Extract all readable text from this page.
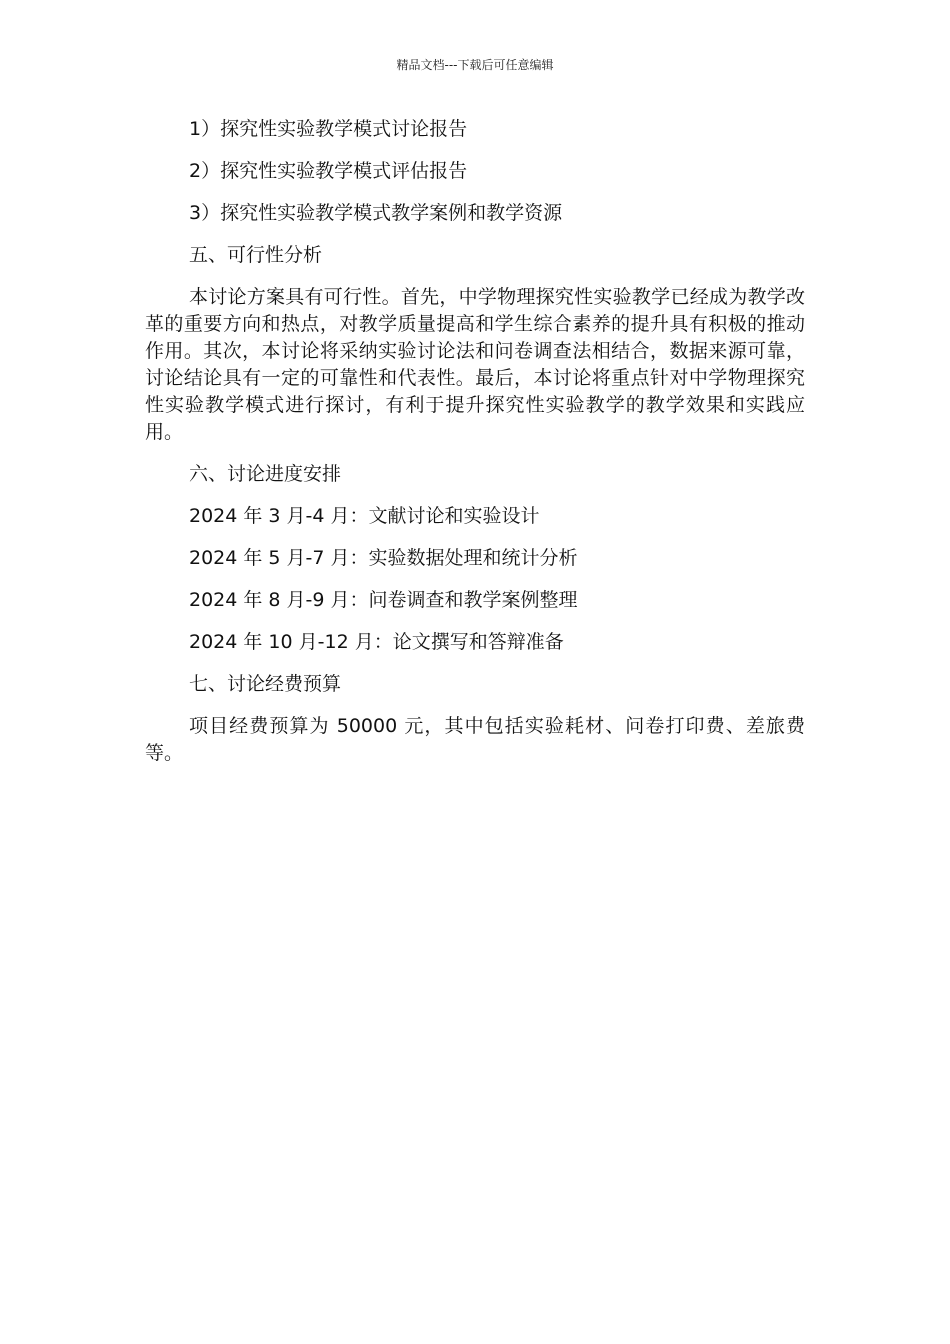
精品文档---下载后可任意编辑

1）探究性实验教学模式讨论报告

2）探究性实验教学模式评估报告

3）探究性实验教学模式教学案例和教学资源

五、可行性分析

本讨论方案具有可行性。首先，中学物理探究性实验教学已经成为教学改革的重要方向和热点，对教学质量提高和学生综合素养的提升具有积极的推动作用。其次，本讨论将采纳实验讨论法和问卷调查法相结合，数据来源可靠，讨论结论具有一定的可靠性和代表性。最后，本讨论将重点针对中学物理探究性实验教学模式进行探讨，有利于提升探究性实验教学的教学效果和实践应用。

六、讨论进度安排

2024 年 3 月-4 月：文献讨论和实验设计

2024 年 5 月-7 月：实验数据处理和统计分析

2024 年 8 月-9 月：问卷调查和教学案例整理

2024 年 10 月-12 月：论文撰写和答辩准备

七、讨论经费预算

项目经费预算为 50000 元，其中包括实验耗材、问卷打印费、差旅费等。
